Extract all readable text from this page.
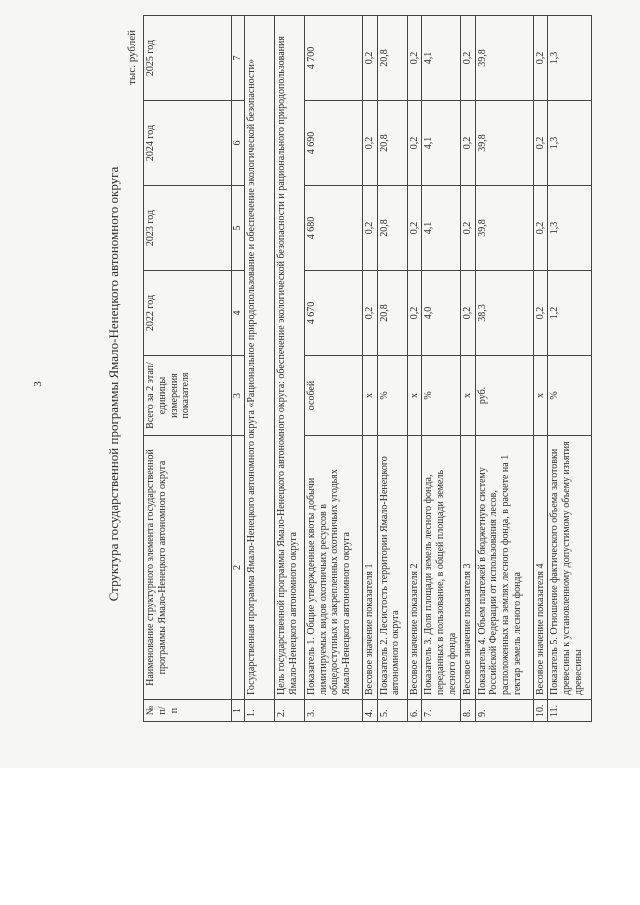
3	Структура государственной программы Ямало-Ненецкого автономного округа
тыс. рублей
№ п/п	Наименование структурного элемента государственной программы Ямало-Ненецкого автономного округа	Всего за 2 этап/ единицы измерения показателя	2022 год	2023 год	2024 год	2025 год
1	2	3	4	5	6	7
1.	Государственная программа Ямало-Ненецкого автономного округа «Рациональное природопользование и обеспечение экологической безопасности»					
2.	Цель государственной программы Ямало-Ненецкого автономного округа: обеспечение экологической безопасности и рационального природопользования Ямало-Ненецкого автономного округа					
3.	Показатель 1. Общие утвержденные квоты добычи лимитируемых видов охотничьих ресурсов в общедоступных и закрепленных охотничьих угодьях Ямало-Ненецкого автономного округа	особей	4 670	4 680	4 690	4 700
4.	Весовое значение показателя 1	х	0,2	0,2	0,2	0,2
5.	Показатель 2. Лесистость территории Ямало-Ненецкого автономного округа	%	20,8	20,8	20,8	20,8
6.	Весовое значение показателя 2	х	0,2	0,2	0,2	0,2
7.	Показатель 3. Доля площади земель лесного фонда, переданных в пользование, в общей площади земель лесного фонда	%	4,0	4,1	4,1	4,1
8.	Весовое значение показателя 3	х	0,2	0,2	0,2	0,2
9.	Показатель 4. Объем платежей в бюджетную систему Российской Федерации от использования лесов, расположенных на землях лесного фонда, в расчете на 1 гектар земель лесного фонда	руб.	38,3	39,8	39,8	39,8
10.	Весовое значение показателя 4	х	0,2	0,2	0,2	0,2
11.	Показатель 5. Отношение фактического объема заготовки древесины к установленному допустимому объему изъятия древесины	%	1,2	1,3	1,3	1,3
